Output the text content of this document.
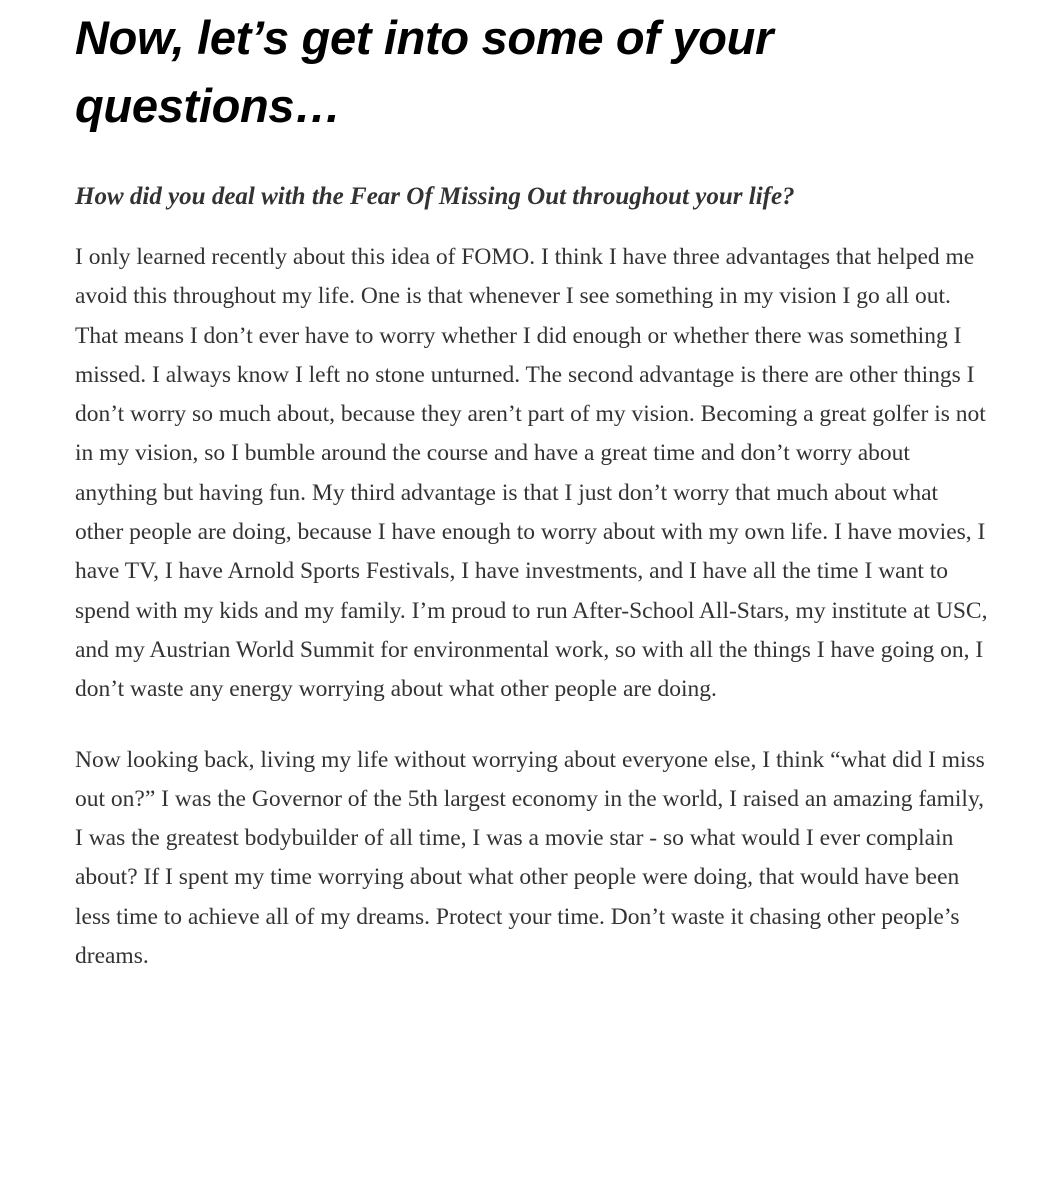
Now, let’s get into some of your questions…
How did you deal with the Fear Of Missing Out throughout your life?

I only learned recently about this idea of FOMO. I think I have three advantages that helped me avoid this throughout my life. One is that whenever I see something in my vision I go all out. That means I don’t ever have to worry whether I did enough or whether there was something I missed. I always know I left no stone unturned. The second advantage is there are other things I don’t worry so much about, because they aren’t part of my vision. Becoming a great golfer is not in my vision, so I bumble around the course and have a great time and don’t worry about anything but having fun. My third advantage is that I just don’t worry that much about what other people are doing, because I have enough to worry about with my own life. I have movies, I have TV, I have Arnold Sports Festivals, I have investments, and I have all the time I want to spend with my kids and my family. I’m proud to run After-School All-Stars, my institute at USC, and my Austrian World Summit for environmental work, so with all the things I have going on, I don’t waste any energy worrying about what other people are doing.

Now looking back, living my life without worrying about everyone else, I think “what did I miss out on?” I was the Governor of the 5th largest economy in the world, I raised an amazing family, I was the greatest bodybuilder of all time, I was a movie star - so what would I ever complain about? If I spent my time worrying about what other people were doing, that would have been less time to achieve all of my dreams. Protect your time. Don’t waste it chasing other people’s dreams.
